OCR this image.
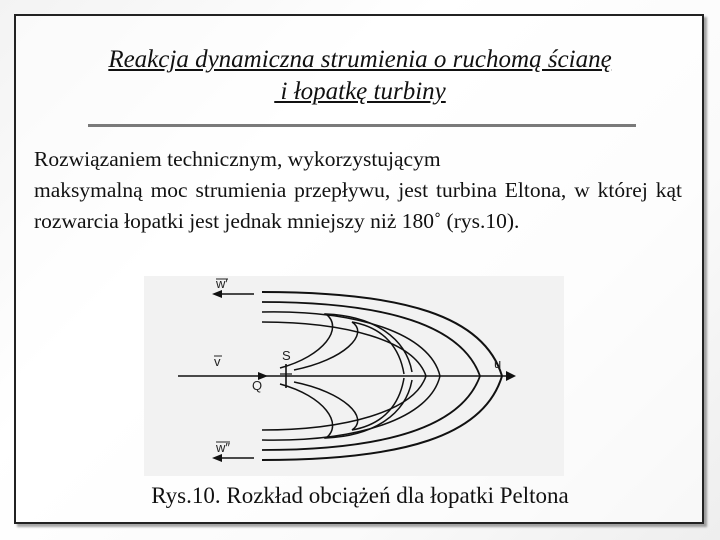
Reakcja dynamiczna strumienia o ruchomą ścianę
i łopatkę turbiny
Rozwiązaniem technicznym, wykorzystującym
maksymalną moc strumienia przepływu, jest turbina Eltona, w której kąt rozwarcia łopatki jest jednak mniejszy niż 180˚ (rys.10).
w′
v	S
Q
u
w″
Rys.10. Rozkład obciążeń dla łopatki Peltona
